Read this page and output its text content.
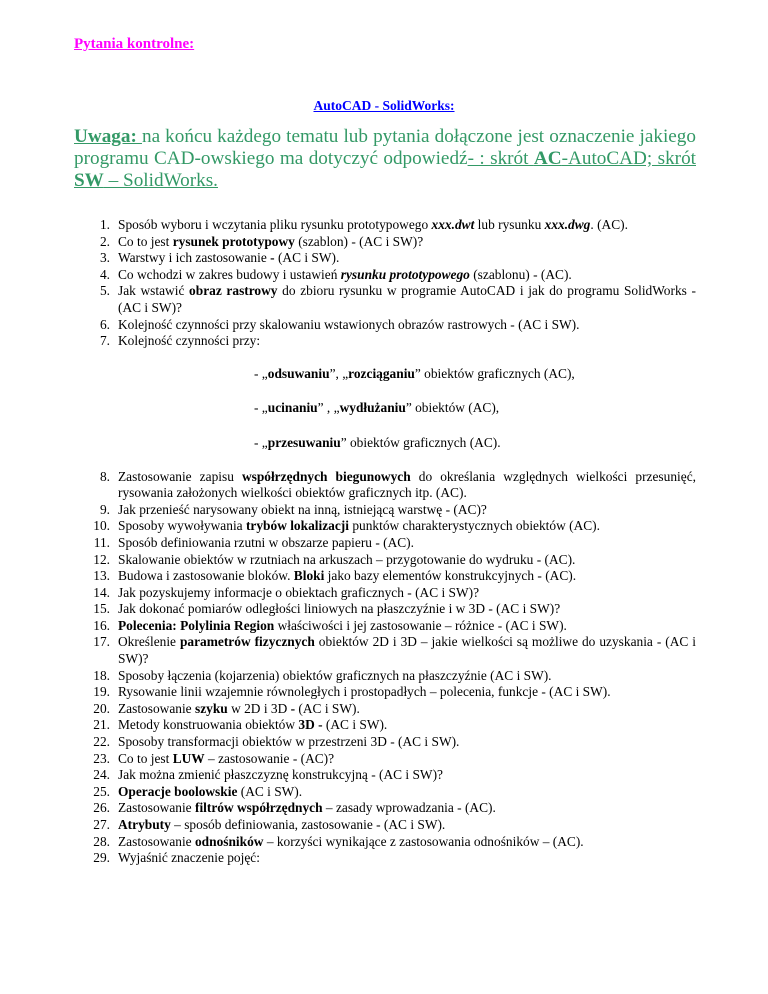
Pytania kontrolne:
AutoCAD - SolidWorks:
Uwaga: na końcu każdego tematu lub pytania dołączone jest oznaczenie jakiego programu CAD-owskiego ma dotyczyć odpowiedź- : skrót AC-AutoCAD; skrót SW – SolidWorks.
1. Sposób wyboru i wczytania pliku rysunku prototypowego xxx.dwt lub rysunku xxx.dwg. (AC).
2. Co to jest rysunek prototypowy (szablon) - (AC i SW)?
3. Warstwy i ich zastosowanie - (AC i SW).
4. Co wchodzi w zakres budowy i ustawień rysunku prototypowego (szablonu) - (AC).
5. Jak wstawić obraz rastrowy do zbioru rysunku w programie AutoCAD i jak do programu SolidWorks - (AC i SW)?
6. Kolejność czynności przy skalowaniu wstawionych obrazów rastrowych - (AC i SW).
7. Kolejność czynności przy:
- „odsuwaniu”, „rozciąganiu” obiektów graficznych (AC),
- „ucinaniu” , „wydłużaniu” obiektów (AC),
- „przesuwaniu” obiektów graficznych (AC).
8. Zastosowanie zapisu współrzędnych biegunowych do określania względnych wielkości przesunięć, rysowania założonych wielkości obiektów graficznych itp. (AC).
9. Jak przenieść narysowany obiekt na inną, istniejącą warstwę - (AC)?
10. Sposoby wywoływania trybów lokalizacji punktów charakterystycznych obiektów (AC).
11. Sposób definiowania rzutni w obszarze papieru - (AC).
12. Skalowanie obiektów w rzutniach na arkuszach – przygotowanie do wydruku - (AC).
13. Budowa i zastosowanie bloków. Bloki jako bazy elementów konstrukcyjnych - (AC).
14. Jak pozyskujemy informacje o obiektach graficznych - (AC i SW)?
15. Jak dokonać pomiarów odległości liniowych na płaszczyźnie i w 3D - (AC i SW)?
16. Polecenia: Polylinia Region właściwości i jej zastosowanie – różnice - (AC i SW).
17. Określenie parametrów fizycznych obiektów 2D i 3D – jakie wielkości są możliwe do uzyskania - (AC i SW)?
18. Sposoby łączenia (kojarzenia) obiektów graficznych na płaszczyźnie (AC i SW).
19. Rysowanie linii wzajemnie równoległych i prostopadłych – polecenia, funkcje - (AC i SW).
20. Zastosowanie szyku w 2D i 3D - (AC i SW).
21. Metody konstruowania obiektów 3D - (AC i SW).
22. Sposoby transformacji obiektów w przestrzeni 3D - (AC i SW).
23. Co to jest LUW – zastosowanie - (AC)?
24. Jak można zmienić płaszczyznę konstrukcyjną - (AC i SW)?
25. Operacje boolowskie (AC i SW).
26. Zastosowanie filtrów współrzędnych – zasady wprowadzania - (AC).
27. Atrybuty – sposób definiowania, zastosowanie - (AC i SW).
28. Zastosowanie odnośników – korzyści wynikające z zastosowania odnośników – (AC).
29. Wyjaśnić znaczenie pojęć:
